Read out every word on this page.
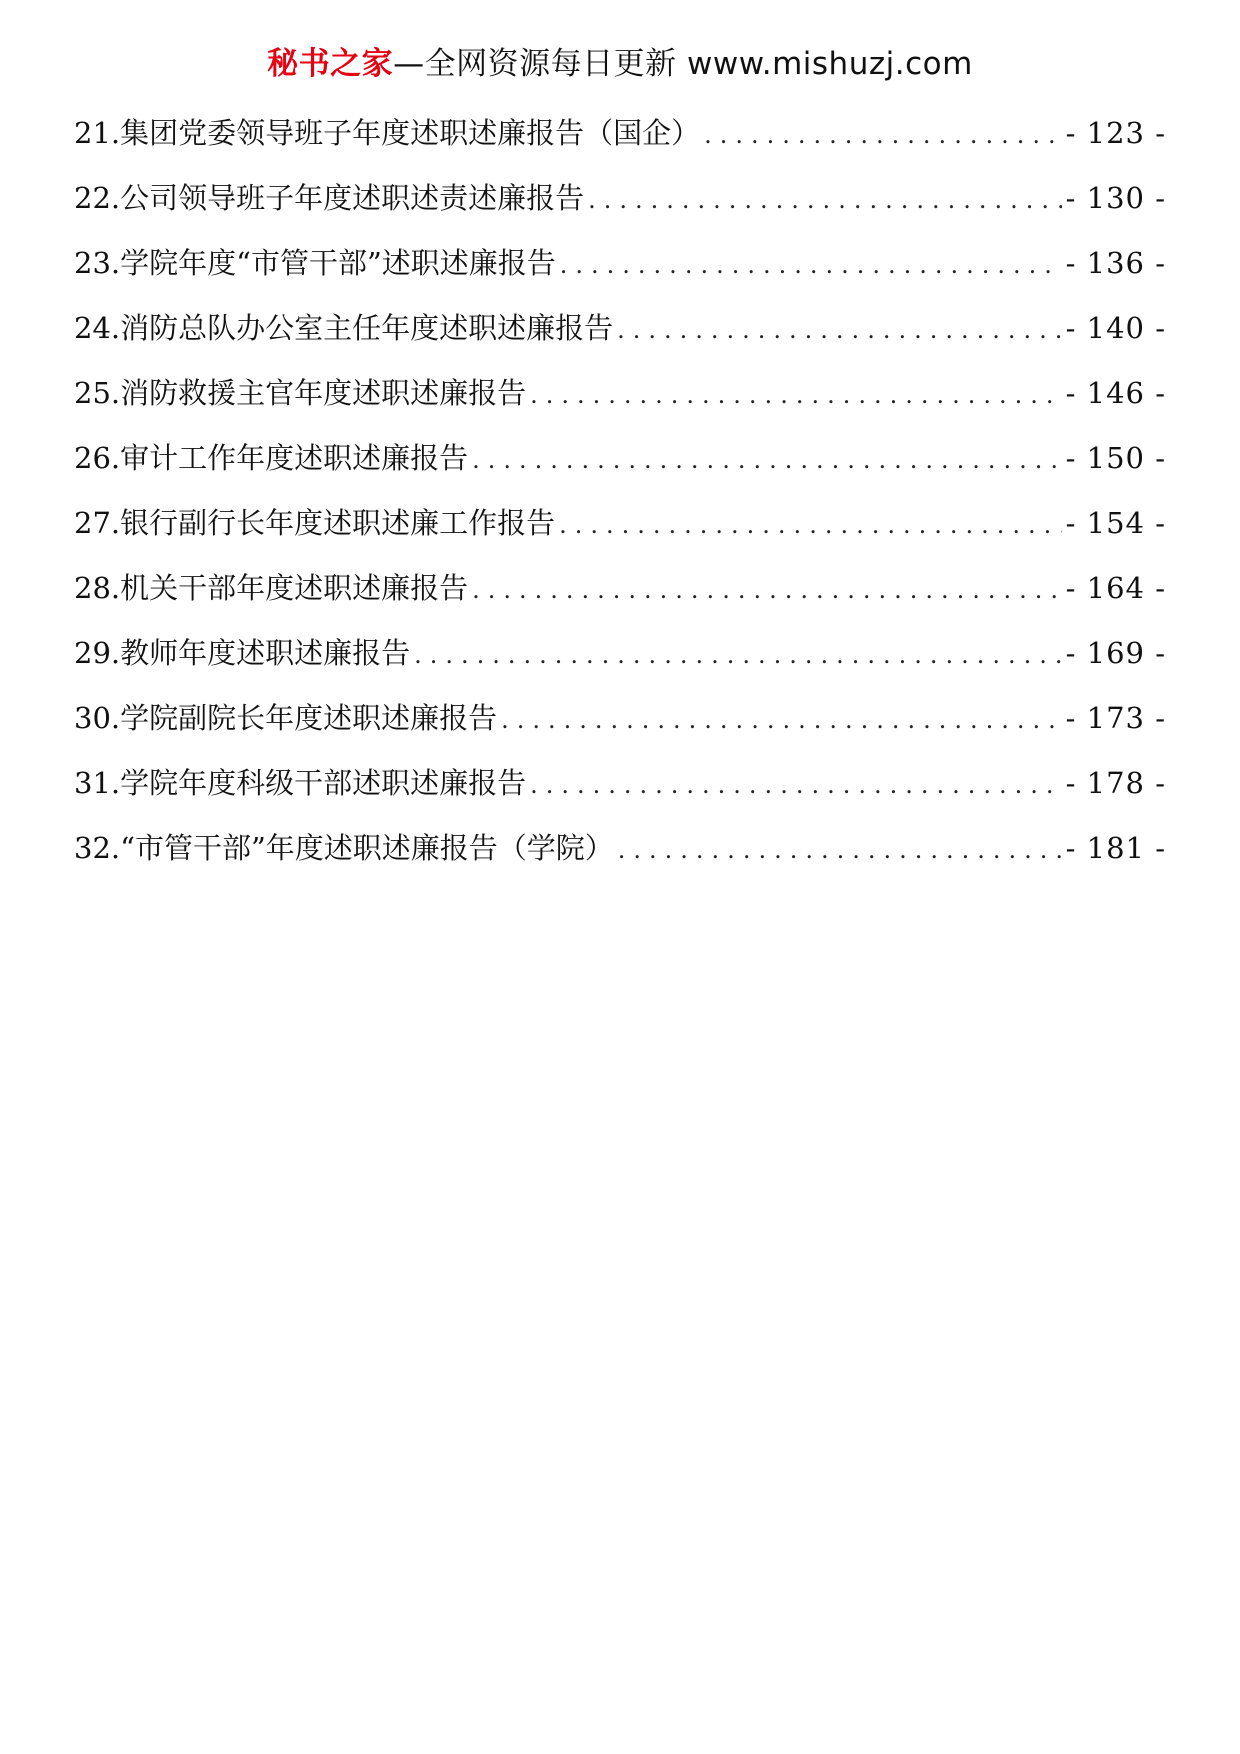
秘书之家—全网资源每日更新 www.mishuzj.com
21.集团党委领导班子年度述职述廉报告（国企） .....	- 123 -
22.公司领导班子年度述职述责述廉报告 .....	- 130 -
23.学院年度“市管干部”述职述廉报告 .....	- 136 -
24.消防总队办公室主任年度述职述廉报告 .....	- 140 -
25.消防救援主官年度述职述廉报告 .....	- 146 -
26.审计工作年度述职述廉报告 .....	- 150 -
27.银行副行长年度述职述廉工作报告 .....	- 154 -
28.机关干部年度述职述廉报告 .....	- 164 -
29.教师年度述职述廉报告 .....	- 169 -
30.学院副院长年度述职述廉报告 .....	- 173 -
31.学院年度科级干部述职述廉报告 .....	- 178 -
32.“市管干部”年度述职述廉报告（学院） .....	- 181 -
